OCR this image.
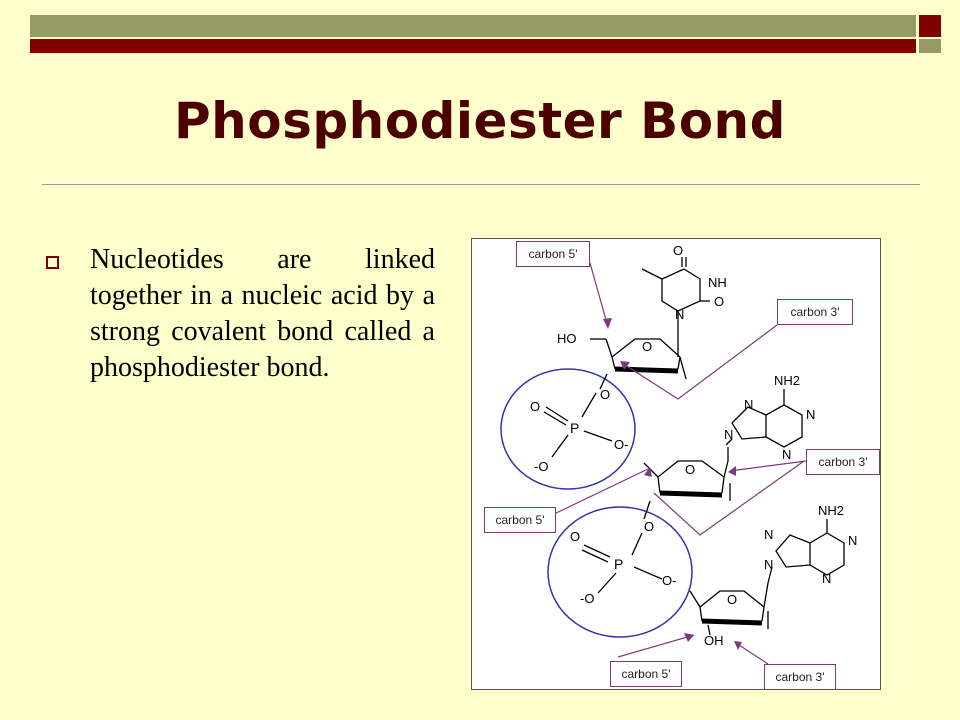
Phosphodiester Bond
Nucleotides are linked together in a nucleic acid by a strong covalent bond called a phosphodiester bond.
O
NH
O
N
O
HO
O
O
P
O-
-O
NH2
N
N
N
N
O
O
O
P
O-
-O
NH2
N	N
N
N
O
OH
carbon 5'
carbon 3'
carbon 3'
carbon 5'
carbon 5'	carbon 3'
